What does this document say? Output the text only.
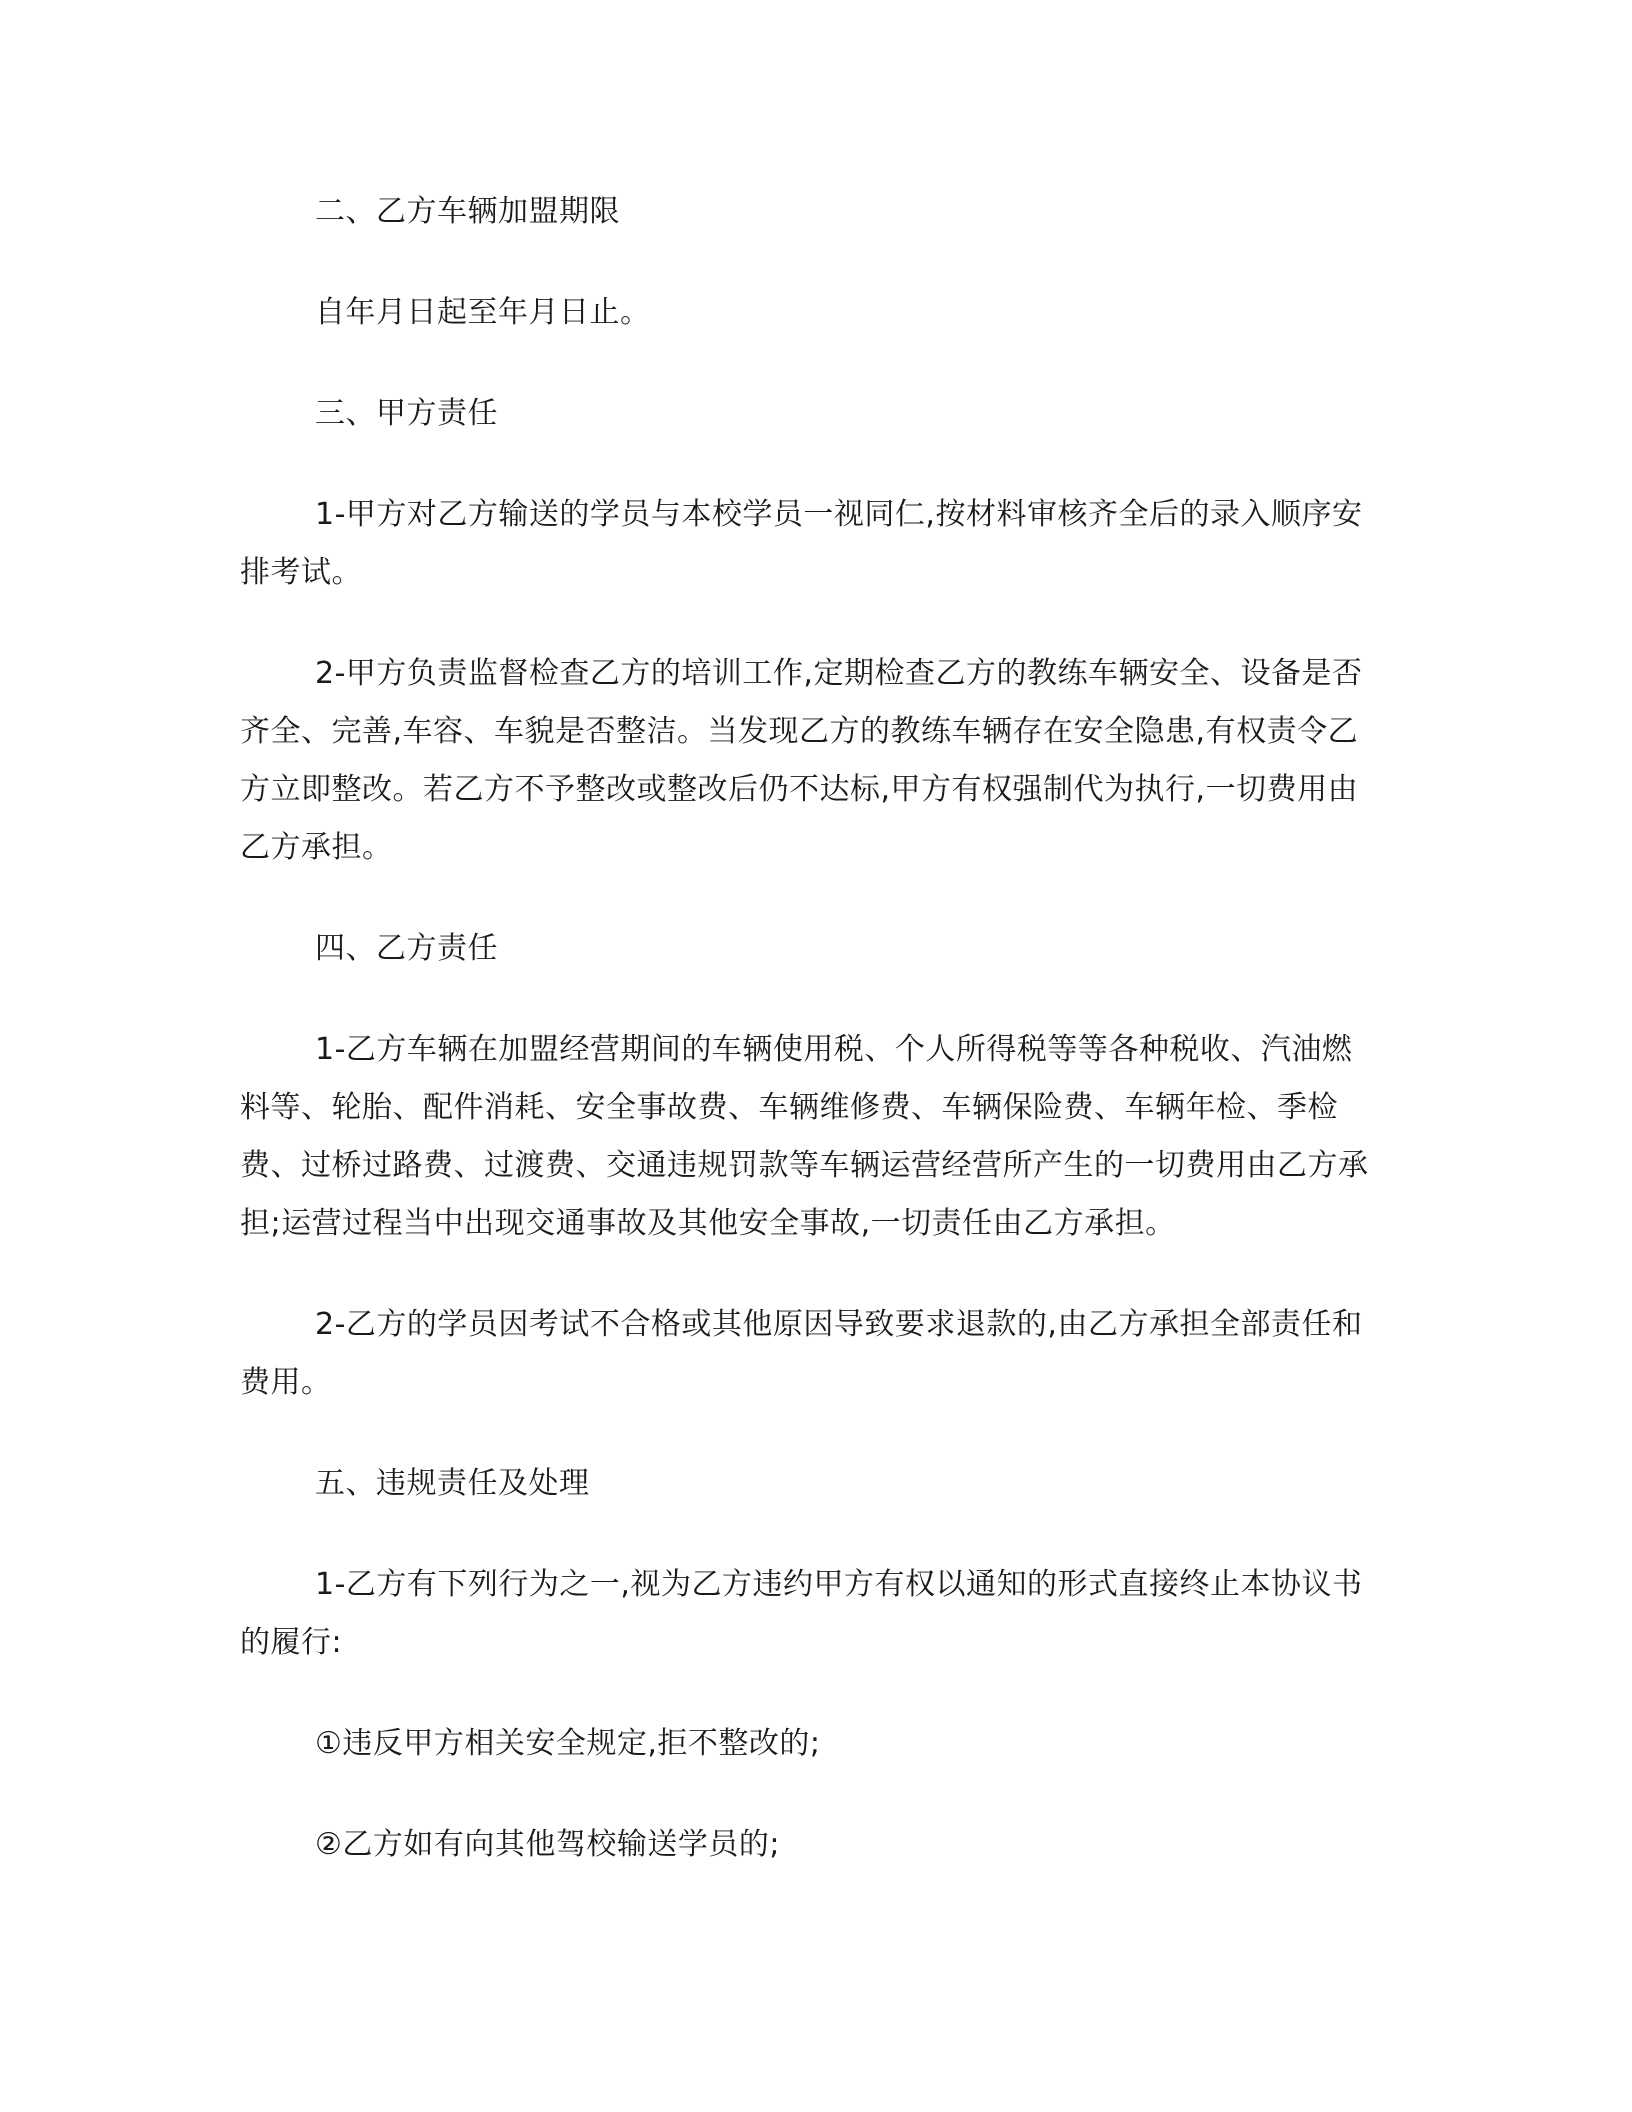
二、乙方车辆加盟期限

自年月日起至年月日止。

三、甲方责任

1-甲方对乙方输送的学员与本校学员一视同仁,按材料审核齐全后的录入顺序安排考试。

2-甲方负责监督检查乙方的培训工作,定期检查乙方的教练车辆安全、设备是否齐全、完善,车容、车貌是否整洁。当发现乙方的教练车辆存在安全隐患,有权责令乙方立即整改。若乙方不予整改或整改后仍不达标,甲方有权强制代为执行,一切费用由乙方承担。

四、乙方责任

1-乙方车辆在加盟经营期间的车辆使用税、个人所得税等等各种税收、汽油燃料等、轮胎、配件消耗、安全事故费、车辆维修费、车辆保险费、车辆年检、季检费、过桥过路费、过渡费、交通违规罚款等车辆运营经营所产生的一切费用由乙方承担;运营过程当中出现交通事故及其他安全事故,一切责任由乙方承担。

2-乙方的学员因考试不合格或其他原因导致要求退款的,由乙方承担全部责任和费用。

五、违规责任及处理

1-乙方有下列行为之一,视为乙方违约甲方有权以通知的形式直接终止本协议书的履行:

①违反甲方相关安全规定,拒不整改的;

②乙方如有向其他驾校输送学员的;
